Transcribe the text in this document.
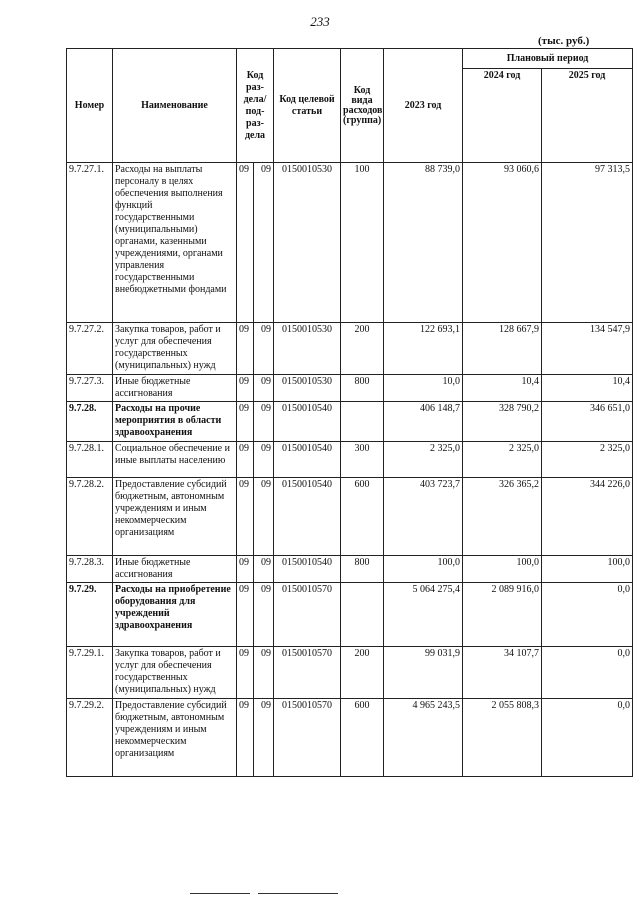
233
(тыс. руб.)
Номер	Наименование	Код раз-дела/ под-раз-дела		Код целевой статьи	Код вида расходов (группа)	2023 год	Плановый период	
							2024 год	2025 год
9.7.27.1.	Расходы на выплаты персоналу в целях обеспечения выполнения функций государственными (муниципальными) органами, казенными учреждениями, органами управления государственными внебюджетными фондами	09	09	0150010530	100	88 739,0	93 060,6	97 313,5
9.7.27.2.	Закупка товаров, работ и услуг для обеспечения государственных (муниципальных) нужд	09	09	0150010530	200	122 693,1	128 667,9	134 547,9
9.7.27.3.	Иные бюджетные ассигнования	09	09	0150010530	800	10,0	10,4	10,4
9.7.28.	Расходы на прочие мероприятия в области здравоохранения	09	09	0150010540		406 148,7	328 790,2	346 651,0
9.7.28.1.	Социальное обеспечение и иные выплаты населению	09	09	0150010540	300	2 325,0	2 325,0	2 325,0
9.7.28.2.	Предоставление субсидий бюджетным, автономным учреждениям и иным некоммерческим организациям	09	09	0150010540	600	403 723,7	326 365,2	344 226,0
9.7.28.3.	Иные бюджетные ассигнования	09	09	0150010540	800	100,0	100,0	100,0
9.7.29.	Расходы на приобретение оборудования для учреждений здравоохранения	09	09	0150010570		5 064 275,4	2 089 916,0	0,0
9.7.29.1.	Закупка товаров, работ и услуг для обеспечения государственных (муниципальных) нужд	09	09	0150010570	200	99 031,9	34 107,7	0,0
9.7.29.2.	Предоставление субсидий бюджетным, автономным учреждениям и иным некоммерческим организациям	09	09	0150010570	600	4 965 243,5	2 055 808,3	0,0
